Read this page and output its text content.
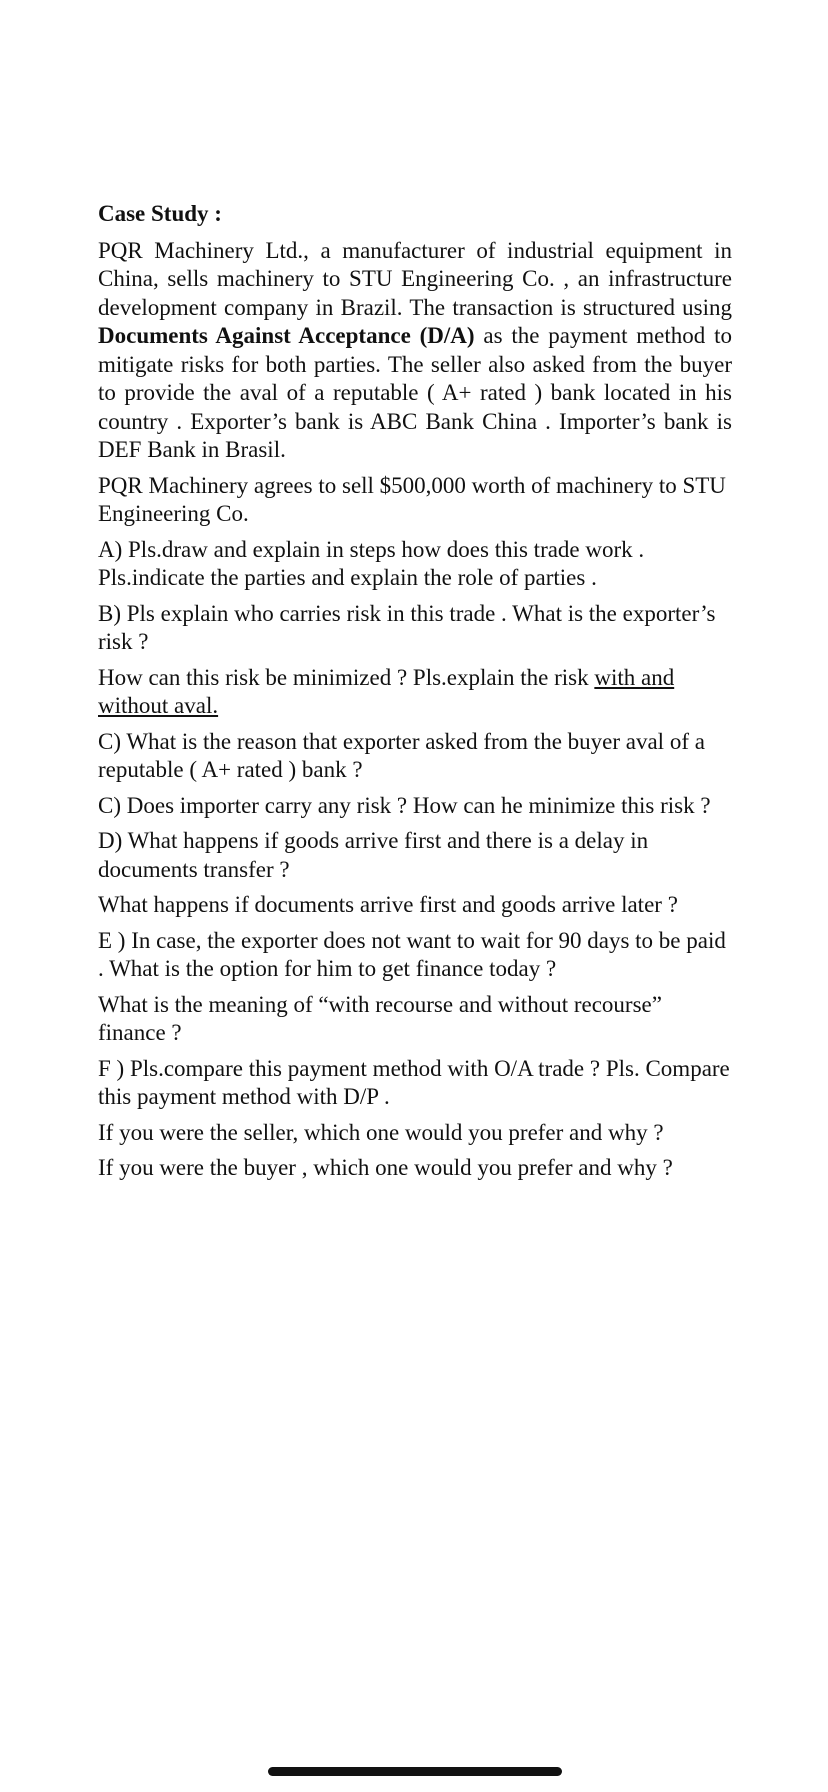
Case Study :

PQR Machinery Ltd., a manufacturer of industrial equipment in China, sells machinery to STU Engineering Co. , an infrastructure development company in Brazil. The transaction is structured using Documents Against Acceptance (D/A) as the payment method to mitigate risks for both parties. The seller also asked from the buyer to provide the aval of a reputable ( A+ rated ) bank located in his country . Exporter’s bank is ABC Bank China . Importer’s bank is DEF Bank in Brasil.

PQR Machinery agrees to sell $500,000 worth of machinery to STU Engineering Co.

A) Pls.draw and explain in steps how does this trade work .
Pls.indicate the parties and explain the role of parties .

B) Pls explain who carries risk in this trade . What is the exporter’s risk ?

How can this risk be minimized ? Pls.explain the risk with and without aval.

C) What is the reason that exporter asked from the buyer aval of a reputable ( A+ rated ) bank ?

C) Does importer carry any risk ? How can he minimize this risk ?

D) What happens if goods arrive first and there is a delay in documents transfer ?

What happens if documents arrive first and goods arrive later ?

E ) In case, the exporter does not want to wait for 90 days to be paid . What is the option for him to get finance today ?

What is the meaning of “with recourse and without recourse” finance ?

F ) Pls.compare this payment method with O/A trade ? Pls. Compare this payment method with D/P .

If you were the seller, which one would you prefer and why ?

If you were the buyer , which one would you prefer and why ?
